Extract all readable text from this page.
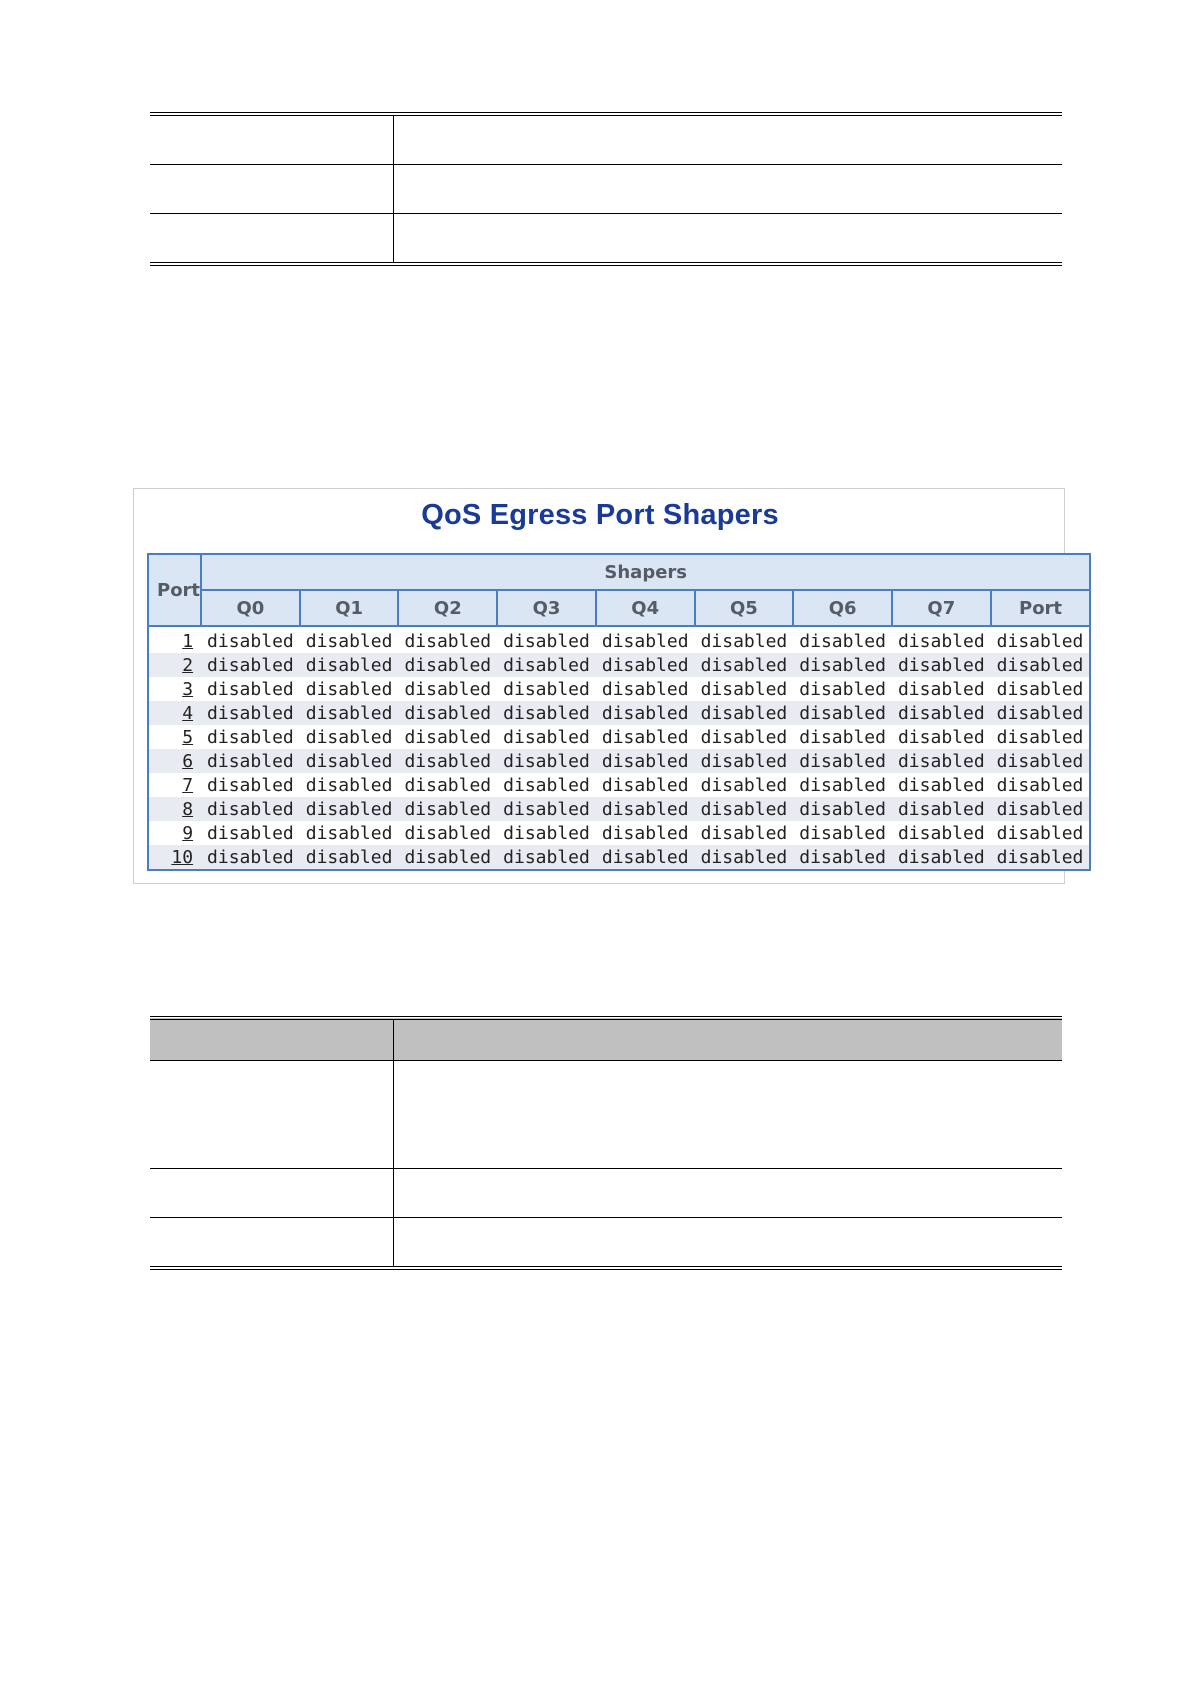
QoS Egress Port Shapers
Port	Shapers								
	Q0	Q1	Q2	Q3	Q4	Q5	Q6	Q7	Port
1	disabled	disabled	disabled	disabled	disabled	disabled	disabled	disabled	disabled
2	disabled	disabled	disabled	disabled	disabled	disabled	disabled	disabled	disabled
3	disabled	disabled	disabled	disabled	disabled	disabled	disabled	disabled	disabled
4	disabled	disabled	disabled	disabled	disabled	disabled	disabled	disabled	disabled
5	disabled	disabled	disabled	disabled	disabled	disabled	disabled	disabled	disabled
6	disabled	disabled	disabled	disabled	disabled	disabled	disabled	disabled	disabled
7	disabled	disabled	disabled	disabled	disabled	disabled	disabled	disabled	disabled
8	disabled	disabled	disabled	disabled	disabled	disabled	disabled	disabled	disabled
9	disabled	disabled	disabled	disabled	disabled	disabled	disabled	disabled	disabled
10	disabled	disabled	disabled	disabled	disabled	disabled	disabled	disabled	disabled
